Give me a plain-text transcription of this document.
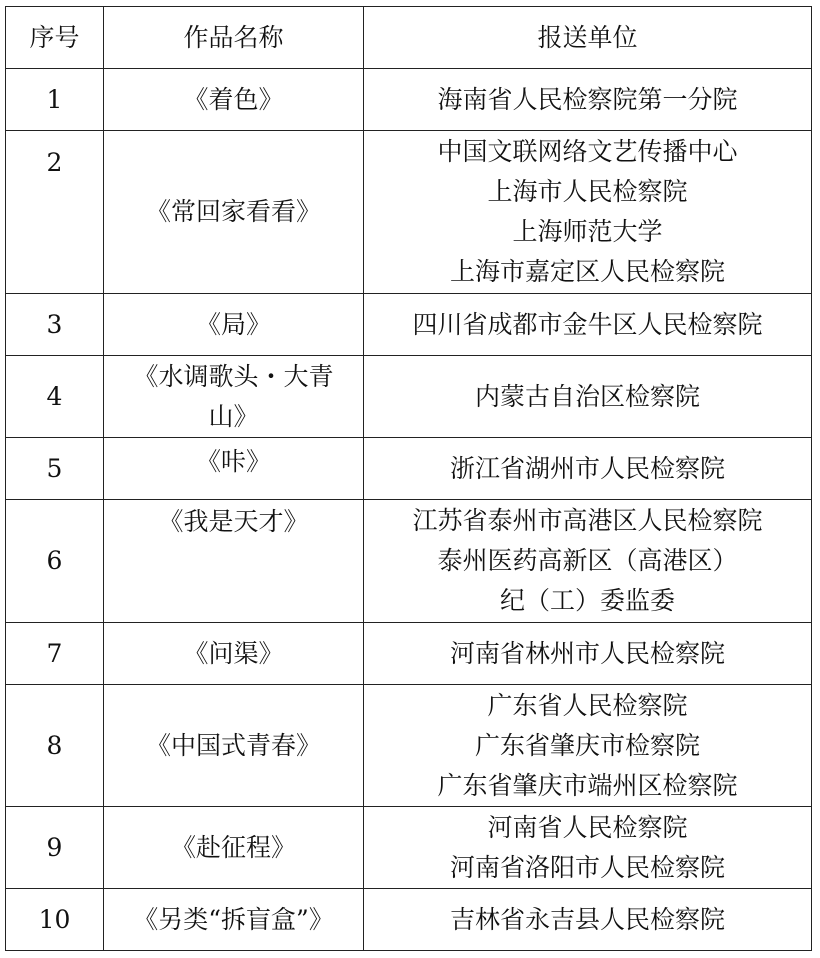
序号	作品名称	报送单位
1	《着色》	海南省人民检察院第一分院

2	《常回家看看》	中国文联网络文艺传播中心
上海市人民检察院
上海师范大学
上海市嘉定区人民检察院

3	《局》	四川省成都市金牛区人民检察院

4	《水调歌头・大青山》	内蒙古自治区检察院

5	《咔》	浙江省湖州市人民检察院

6	《我是天才》	江苏省泰州市高港区人民检察院
泰州医药高新区（高港区）
纪（工）委监委

7	《问渠》	河南省林州市人民检察院

8	《中国式青春》	广东省人民检察院
广东省肇庆市检察院
广东省肇庆市端州区检察院

9	《赴征程》	河南省人民检察院
河南省洛阳市人民检察院

10	《另类“拆盲盒”》	吉林省永吉县人民检察院
